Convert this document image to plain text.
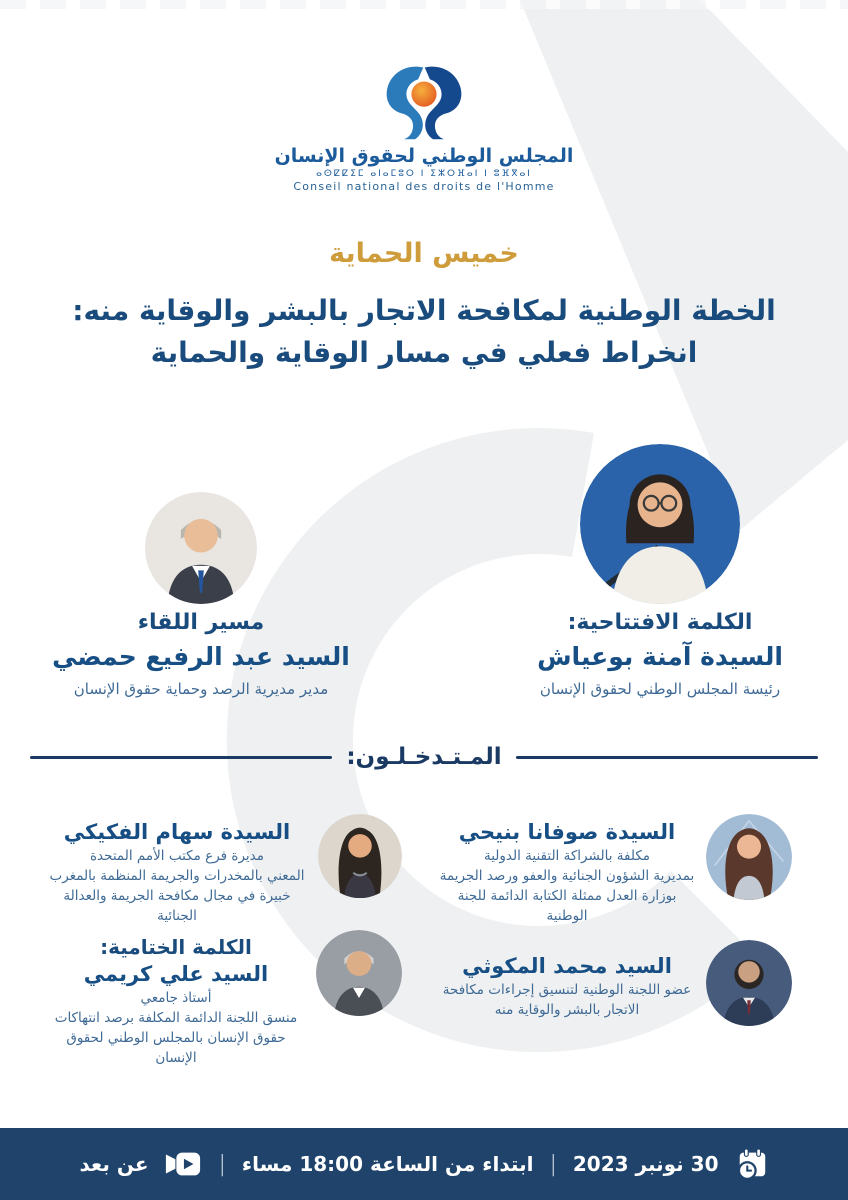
المجلس الوطني لحقوق الإنسان
ⴰⵙⵇⵇⵉⵎ ⴰⵏⴰⵎⵓⵔ ⵏ ⵉⵣⵔⴼⴰⵏ ⵏ ⵓⴼⴳⴰⵏ
Conseil national des droits de l'Homme
خميس الحماية
الخطة الوطنية لمكافحة الاتجار بالبشر والوقاية منه:
انخراط فعلي في مسار الوقاية والحماية
الكلمة الافتتاحية:
السيدة آمنة بوعياش
رئيسة المجلس الوطني لحقوق الإنسان
مسير اللقاء
السيد عبد الرفيع حمضي
مدير مديرية الرصد وحماية حقوق الإنسان
المـتـدخـلـون:
السيدة صوفانا بنيحي
مكلفة بالشراكة التقنية الدولية
بمديرية الشؤون الجنائية والعفو ورصد الجريمة
بوزارة العدل ممثلة الكتابة الدائمة للجنة الوطنية
السيدة سهام الفكيكي
مديرة فرع مكتب الأمم المتحدة
المعني بالمخدرات والجريمة المنظمة بالمغرب
خبيرة في مجال مكافحة الجريمة والعدالة الجنائية
السيد محمد المكوثي
عضو اللجنة الوطنية لتنسيق إجراءات مكافحة
الاتجار بالبشر والوقاية منه
الكلمة الختامية:
السيد علي كريمي
أستاذ جامعي
منسق اللجنة الدائمة المكلفة برصد انتهاكات
حقوق الإنسان بالمجلس الوطني لحقوق الإنسان
30 نونبر 2023
|
ابتداء من الساعة 18:00 مساء
|
عن بعد
